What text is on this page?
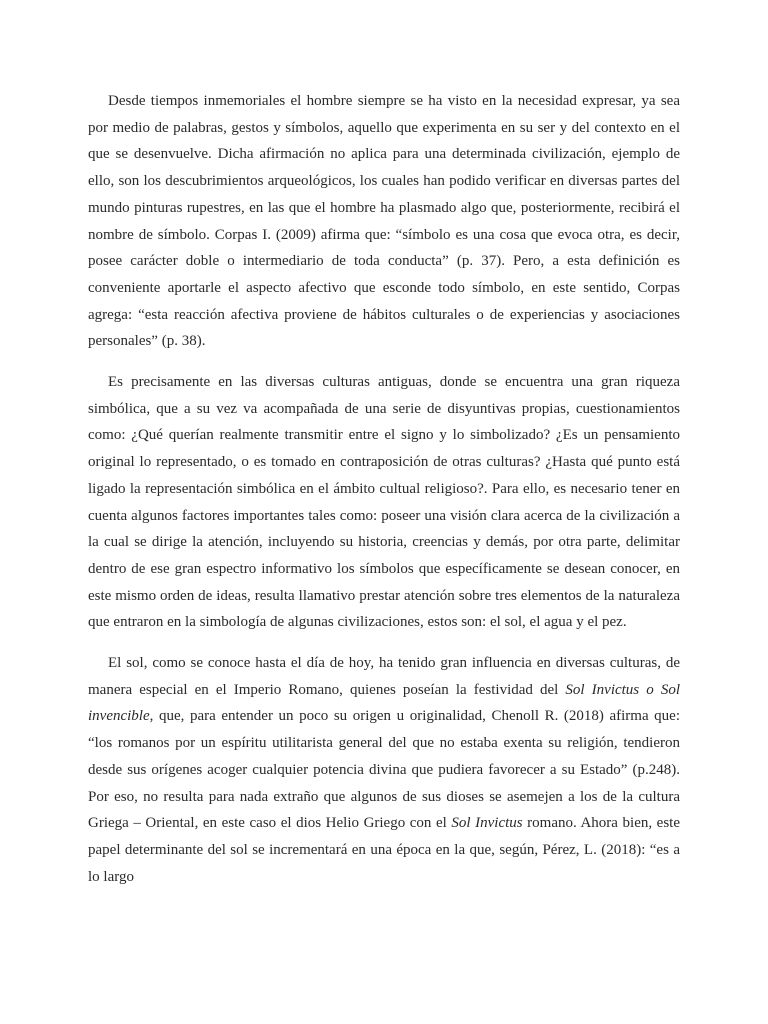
Desde tiempos inmemoriales el hombre siempre se ha visto en la necesidad expresar, ya sea por medio de palabras, gestos y símbolos, aquello que experimenta en su ser y del contexto en el que se desenvuelve. Dicha afirmación no aplica para una determinada civilización, ejemplo de ello, son los descubrimientos arqueológicos, los cuales han podido verificar en diversas partes del mundo pinturas rupestres, en las que el hombre ha plasmado algo que, posteriormente, recibirá el nombre de símbolo. Corpas I. (2009) afirma que: “símbolo es una cosa que evoca otra, es decir, posee carácter doble o intermediario de toda conducta” (p. 37). Pero, a esta definición es conveniente aportarle el aspecto afectivo que esconde todo símbolo, en este sentido, Corpas agrega: “esta reacción afectiva proviene de hábitos culturales o de experiencias y asociaciones personales” (p. 38).

Es precisamente en las diversas culturas antiguas, donde se encuentra una gran riqueza simbólica, que a su vez va acompañada de una serie de disyuntivas propias, cuestionamientos como: ¿Qué querían realmente transmitir entre el signo y lo simbolizado? ¿Es un pensamiento original lo representado, o es tomado en contraposición de otras culturas? ¿Hasta qué punto está ligado la representación simbólica en el ámbito cultual religioso?. Para ello, es necesario tener en cuenta algunos factores importantes tales como: poseer una visión clara acerca de la civilización a la cual se dirige la atención, incluyendo su historia, creencias y demás, por otra parte, delimitar dentro de ese gran espectro informativo los símbolos que específicamente se desean conocer, en este mismo orden de ideas, resulta llamativo prestar atención sobre tres elementos de la naturaleza que entraron en la simbología de algunas civilizaciones, estos son: el sol, el agua y el pez.

El sol, como se conoce hasta el día de hoy, ha tenido gran influencia en diversas culturas, de manera especial en el Imperio Romano, quienes poseían la festividad del Sol Invictus o Sol invencible, que, para entender un poco su origen u originalidad, Chenoll R. (2018) afirma que: “los romanos por un espíritu utilitarista general del que no estaba exenta su religión, tendieron desde sus orígenes acoger cualquier potencia divina que pudiera favorecer a su Estado” (p.248). Por eso, no resulta para nada extraño que algunos de sus dioses se asemejen a los de la cultura Griega – Oriental, en este caso el dios Helio Griego con el Sol Invictus romano. Ahora bien, este papel determinante del sol se incrementará en una época en la que, según, Pérez, L. (2018): “es a lo largo
